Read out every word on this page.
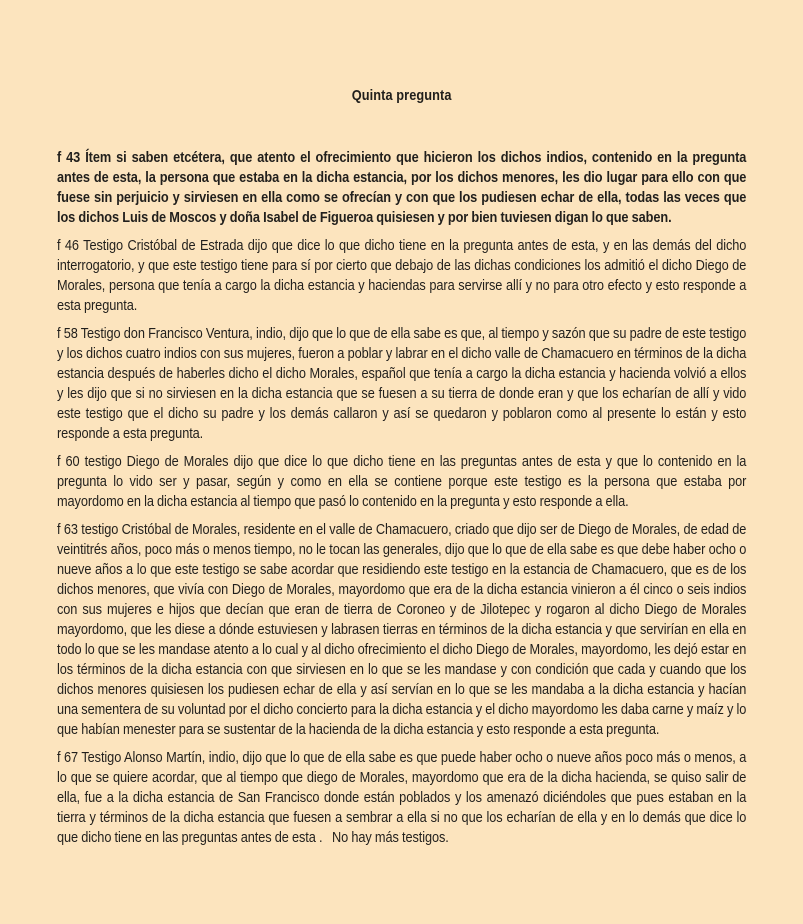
Quinta pregunta

f 43 Ítem si saben etcétera, que atento el ofrecimiento que hicieron los dichos indios, contenido en la pregunta antes de esta, la persona que estaba en la dicha estancia, por los dichos menores, les dio lugar para ello con que fuese sin perjuicio y sirviesen en ella como se ofrecían y con que los pudiesen echar de ella, todas las veces que los dichos Luis de Moscos y doña Isabel de Figueroa quisiesen y por bien tuviesen digan lo que saben.

f 46 Testigo Cristóbal de Estrada dijo que dice lo que dicho tiene en la pregunta antes de esta, y en las demás del dicho interrogatorio, y que este testigo tiene para sí por cierto que debajo de las dichas condiciones los admitió el dicho Diego de Morales, persona que tenía a cargo la dicha estancia y haciendas para servirse allí y no para otro efecto y esto responde a esta pregunta.

f 58 Testigo don Francisco Ventura, indio, dijo que lo que de ella sabe es que, al tiempo y sazón que su padre de este testigo y los dichos cuatro indios con sus mujeres, fueron a poblar y labrar en el dicho valle de Chamacuero en términos de la dicha estancia después de haberles dicho el dicho Morales, español que tenía a cargo la dicha estancia y hacienda volvió a ellos y les dijo que si no sirviesen en la dicha estancia que se fuesen a su tierra de donde eran y que los echarían de allí y vido este testigo que el dicho su padre y los demás callaron y así se quedaron y poblaron como al presente lo están y esto responde a esta pregunta.

f 60 testigo Diego de Morales dijo que dice lo que dicho tiene en las preguntas antes de esta y que lo contenido en la pregunta lo vido ser y pasar, según y como en ella se contiene porque este testigo es la persona que estaba por mayordomo en la dicha estancia al tiempo que pasó lo contenido en la pregunta y esto responde a ella.

f 63 testigo Cristóbal de Morales, residente en el valle de Chamacuero, criado que dijo ser de Diego de Morales, de edad de veintitrés años, poco más o menos tiempo, no le tocan las generales, dijo que lo que de ella sabe es que debe haber ocho o nueve años a lo que este testigo se sabe acordar que residiendo este testigo en la estancia de Chamacuero, que es de los dichos menores, que vivía con Diego de Morales, mayordomo que era de la dicha estancia vinieron a él cinco o seis indios con sus mujeres e hijos que decían que eran de tierra de Coroneo y de Jilotepec y rogaron al dicho Diego de Morales mayordomo, que les diese a dónde estuviesen y labrasen tierras en términos de la dicha estancia y que servirían en ella en todo lo que se les mandase atento a lo cual y al dicho ofrecimiento el dicho Diego de Morales, mayordomo, les dejó estar en los términos de la dicha estancia con que sirviesen en lo que se les mandase y con condición que cada y cuando que los dichos menores quisiesen los pudiesen echar de ella y así servían en lo que se les mandaba a la dicha estancia y hacían una sementera de su voluntad por el dicho concierto para la dicha estancia y el dicho mayordomo les daba carne y maíz y lo que habían menester para se sustentar de la hacienda de la dicha estancia y esto responde a esta pregunta.

f 67 Testigo Alonso Martín, indio, dijo que lo que de ella sabe es que puede haber ocho o nueve años poco más o menos, a lo que se quiere acordar, que al tiempo que diego de Morales, mayordomo que era de la dicha hacienda, se quiso salir de ella, fue a la dicha estancia de San Francisco donde están poblados y los amenazó diciéndoles que pues estaban en la tierra y términos de la dicha estancia que fuesen a sembrar a ella si no que los echarían de ella y en lo demás que dice lo que dicho tiene en las preguntas antes de esta .   No hay más testigos.
